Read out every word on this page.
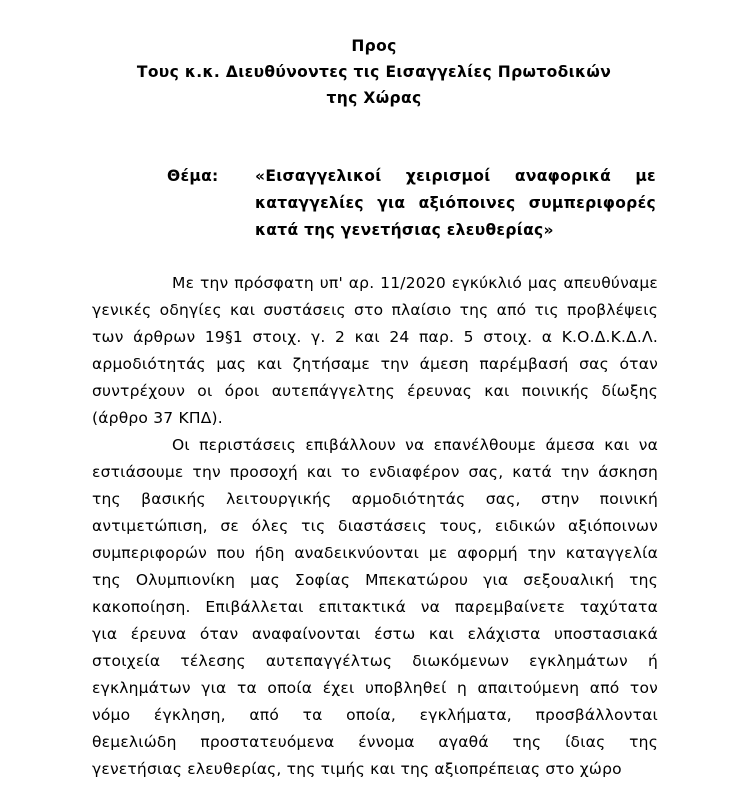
Προς
Τους κ.κ. Διευθύνοντες τις Εισαγγελίες Πρωτοδικών
της Χώρας
Θέμα:	«Εισαγγελικοί χειρισμοί αναφορικά με

καταγγελίες για αξιόποινες συμπεριφορές

κατά της γενετήσιας ελευθερίας»

Με την πρόσφατη υπ' αρ. 11/2020 εγκύκλιό μας απευθύναμε
γενικές οδηγίες και συστάσεις στο πλαίσιο της από τις προβλέψεις
των άρθρων 19§1 στοιχ. γ. 2 και 24 παρ. 5 στοιχ. α Κ.Ο.Δ.Κ.Δ.Λ.
αρμοδιότητάς μας και ζητήσαμε την άμεση παρέμβασή σας όταν
συντρέχουν οι όροι αυτεπάγγελτης έρευνας και ποινικής δίωξης
(άρθρο 37 ΚΠΔ).
Οι περιστάσεις επιβάλλουν να επανέλθουμε άμεσα και να
εστιάσουμε την προσοχή και το ενδιαφέρον σας, κατά την άσκηση
της βασικής λειτουργικής αρμοδιότητάς σας, στην ποινική
αντιμετώπιση, σε όλες τις διαστάσεις τους, ειδικών αξιόποινων
συμπεριφορών που ήδη αναδεικνύονται με αφορμή την καταγγελία
της Ολυμπιονίκη μας Σοφίας Μπεκατώρου για σεξουαλική της
κακοποίηση. Επιβάλλεται επιτακτικά να παρεμβαίνετε ταχύτατα
για έρευνα όταν αναφαίνονται έστω και ελάχιστα υποστασιακά
στοιχεία τέλεσης αυτεπαγγέλτως διωκόμενων εγκλημάτων ή
εγκλημάτων για τα οποία έχει υποβληθεί η απαιτούμενη από τον
νόμο έγκληση, από τα οποία, εγκλήματα, προσβάλλονται
θεμελιώδη προστατευόμενα έννομα αγαθά της ίδιας της
γενετήσιας ελευθερίας, της τιμής και της αξιοπρέπειας στο χώρο
